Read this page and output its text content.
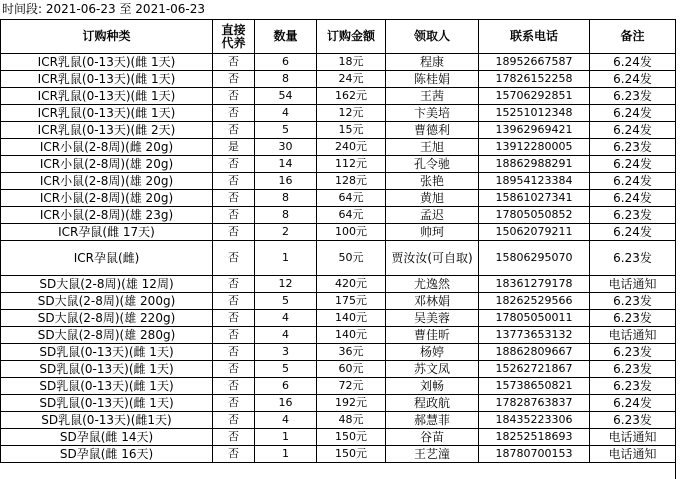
时间段: 2021-06-23 至 2021-06-23
订购种类	直接代养	数量	订购金额	领取人	联系电话	备注
ICR乳鼠(0-13天)(雌 1天)	否	6	18元	程康	18952667587	6.24发
ICR乳鼠(0-13天)(雌 1天)	否	8	24元	陈桂娟	17826152258	6.24发
ICR乳鼠(0-13天)(雌 1天)	否	54	162元	王茜	15706292851	6.23发
ICR乳鼠(0-13天)(雌 1天)	否	4	12元	卞美培	15251012348	6.24发
ICR乳鼠(0-13天)(雌 2天)	否	5	15元	曹德利	13962969421	6.24发
ICR小鼠(2-8周)(雌 20g)	是	30	240元	王旭	13912280005	6.23发
ICR小鼠(2-8周)(雄 20g)	否	14	112元	孔令驰	18862988291	6.24发
ICR小鼠(2-8周)(雄 20g)	否	16	128元	张艳	18954123384	6.24发
ICR小鼠(2-8周)(雄 20g)	否	8	64元	黄旭	15861027341	6.24发
ICR小鼠(2-8周)(雄 23g)	否	8	64元	孟迟	17805050852	6.23发
ICR孕鼠(雌 17天)	否	2	100元	帅珂	15062079211	6.24发
ICR孕鼠(雌)	否	1	50元	贾汝汝(可自取)	15806295070	6.23发
SD大鼠(2-8周)(雄 12周)	否	12	420元	尤逸然	18361279178	电话通知
SD大鼠(2-8周)(雄 200g)	否	5	175元	邓林娟	18262529566	6.23发
SD大鼠(2-8周)(雄 220g)	否	4	140元	吴美蓉	17805050011	6.23发
SD大鼠(2-8周)(雄 280g)	否	4	140元	曹佳昕	13773653132	电话通知
SD乳鼠(0-13天)(雌 1天)	否	3	36元	杨婷	18862809667	6.23发
SD乳鼠(0-13天)(雌 1天)	否	5	60元	苏文凤	15262721867	6.23发
SD乳鼠(0-13天)(雌 1天)	否	6	72元	刘畅	15738650821	6.23发
SD乳鼠(0-13天)(雌 1天)	否	16	192元	程政航	17828763837	6.24发
SD乳鼠(0-13天)(雌1天)	否	4	48元	郝慧菲	18435223306	6.23发
SD孕鼠(雌 14天)	否	1	150元	谷苗	18252518693	电话通知
SD孕鼠(雌 16天)	否	1	150元	王艺潼	18780700153	电话通知
